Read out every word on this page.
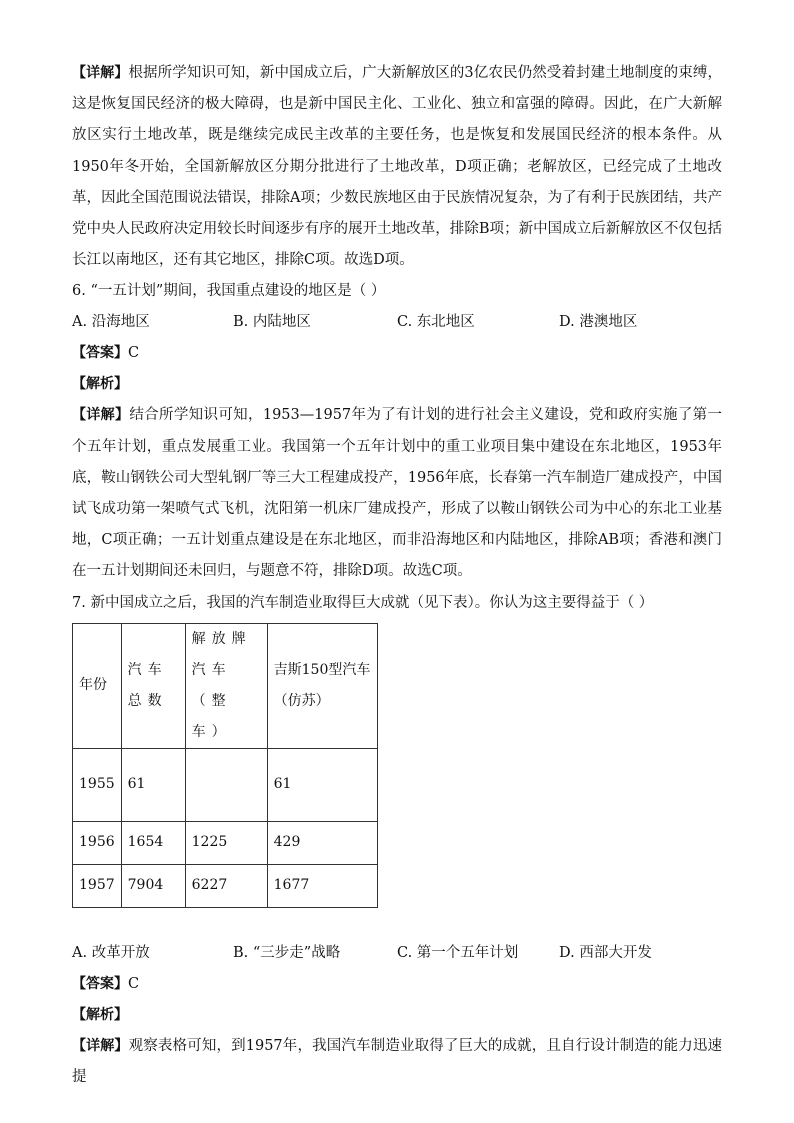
【详解】根据所学知识可知，新中国成立后，广大新解放区的3亿农民仍然受着封建土地制度的束缚，这是恢复国民经济的极大障碍，也是新中国民主化、工业化、独立和富强的障碍。因此，在广大新解放区实行土地改革，既是继续完成民主改革的主要任务，也是恢复和发展国民经济的根本条件。从1950年冬开始，全国新解放区分期分批进行了土地改革，D项正确；老解放区，已经完成了土地改革，因此全国范围说法错误，排除A项；少数民族地区由于民族情况复杂，为了有利于民族团结，共产党中央人民政府决定用较长时间逐步有序的展开土地改革，排除B项；新中国成立后新解放区不仅包括长江以南地区，还有其它地区，排除C项。故选D项。

6. “一五计划”期间，我国重点建设的地区是（ ）

A. 沿海地区	B. 内陆地区	C. 东北地区	D. 港澳地区

【答案】C

【解析】

【详解】结合所学知识可知，1953—1957年为了有计划的进行社会主义建设，党和政府实施了第一个五年计划，重点发展重工业。我国第一个五年计划中的重工业项目集中建设在东北地区，1953年底，鞍山钢铁公司大型轧钢厂等三大工程建成投产，1956年底，长春第一汽车制造厂建成投产，中国试飞成功第一架喷气式飞机，沈阳第一机床厂建成投产，形成了以鞍山钢铁公司为中心的东北工业基地，C项正确；一五计划重点建设是在东北地区，而非沿海地区和内陆地区，排除AB项；香港和澳门在一五计划期间还未回归，与题意不符，排除D项。故选C项。

7. 新中国成立之后，我国的汽车制造业取得巨大成就（见下表）。你认为这主要得益于（ ）

年份	汽车总数	解放牌汽车（整车）	吉斯150型汽车（仿苏）
1955	61		61
1956	1654	1225	429
1957	7904	6227	1677
A. 改革开放	B. “三步走”战略	C. 第一个五年计划	D. 西部大开发

【答案】C

【解析】

【详解】观察表格可知，到1957年，我国汽车制造业取得了巨大的成就，且自行设计制造的能力迅速提
